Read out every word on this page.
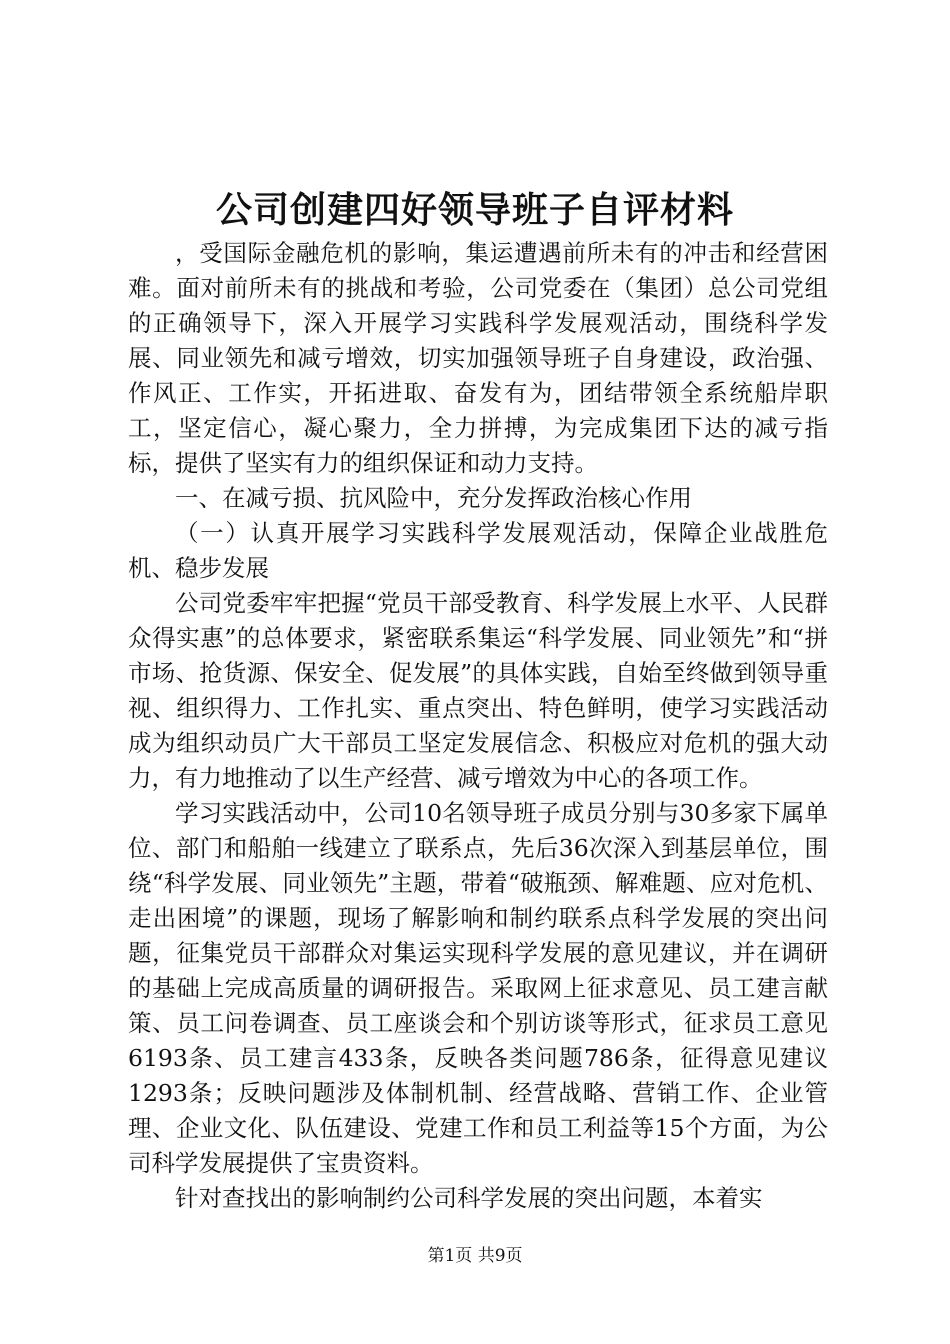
公司创建四好领导班子自评材料

，受国际金融危机的影响，集运遭遇前所未有的冲击和经营困难。面对前所未有的挑战和考验，公司党委在（集团）总公司党组的正确领导下，深入开展学习实践科学发展观活动，围绕科学发展、同业领先和减亏增效，切实加强领导班子自身建设，政治强、作风正、工作实，开拓进取、奋发有为，团结带领全系统船岸职工，坚定信心，凝心聚力，全力拼搏，为完成集团下达的减亏指标，提供了坚实有力的组织保证和动力支持。

一、在减亏损、抗风险中，充分发挥政治核心作用

（一）认真开展学习实践科学发展观活动，保障企业战胜危机、稳步发展

公司党委牢牢把握“党员干部受教育、科学发展上水平、人民群众得实惠”的总体要求，紧密联系集运“科学发展、同业领先”和“拼市场、抢货源、保安全、促发展”的具体实践，自始至终做到领导重视、组织得力、工作扎实、重点突出、特色鲜明，使学习实践活动成为组织动员广大干部员工坚定发展信念、积极应对危机的强大动力，有力地推动了以生产经营、减亏增效为中心的各项工作。

学习实践活动中，公司10名领导班子成员分别与30多家下属单位、部门和船舶一线建立了联系点，先后36次深入到基层单位，围绕“科学发展、同业领先”主题，带着“破瓶颈、解难题、应对危机、走出困境”的课题，现场了解影响和制约联系点科学发展的突出问题，征集党员干部群众对集运实现科学发展的意见建议，并在调研的基础上完成高质量的调研报告。采取网上征求意见、员工建言献策、员工问卷调查、员工座谈会和个别访谈等形式，征求员工意见6193条、员工建言433条，反映各类问题786条，征得意见建议1293条；反映问题涉及体制机制、经营战略、营销工作、企业管理、企业文化、队伍建设、党建工作和员工利益等15个方面，为公司科学发展提供了宝贵资料。

针对查找出的影响制约公司科学发展的突出问题，本着实

第1页 共9页
